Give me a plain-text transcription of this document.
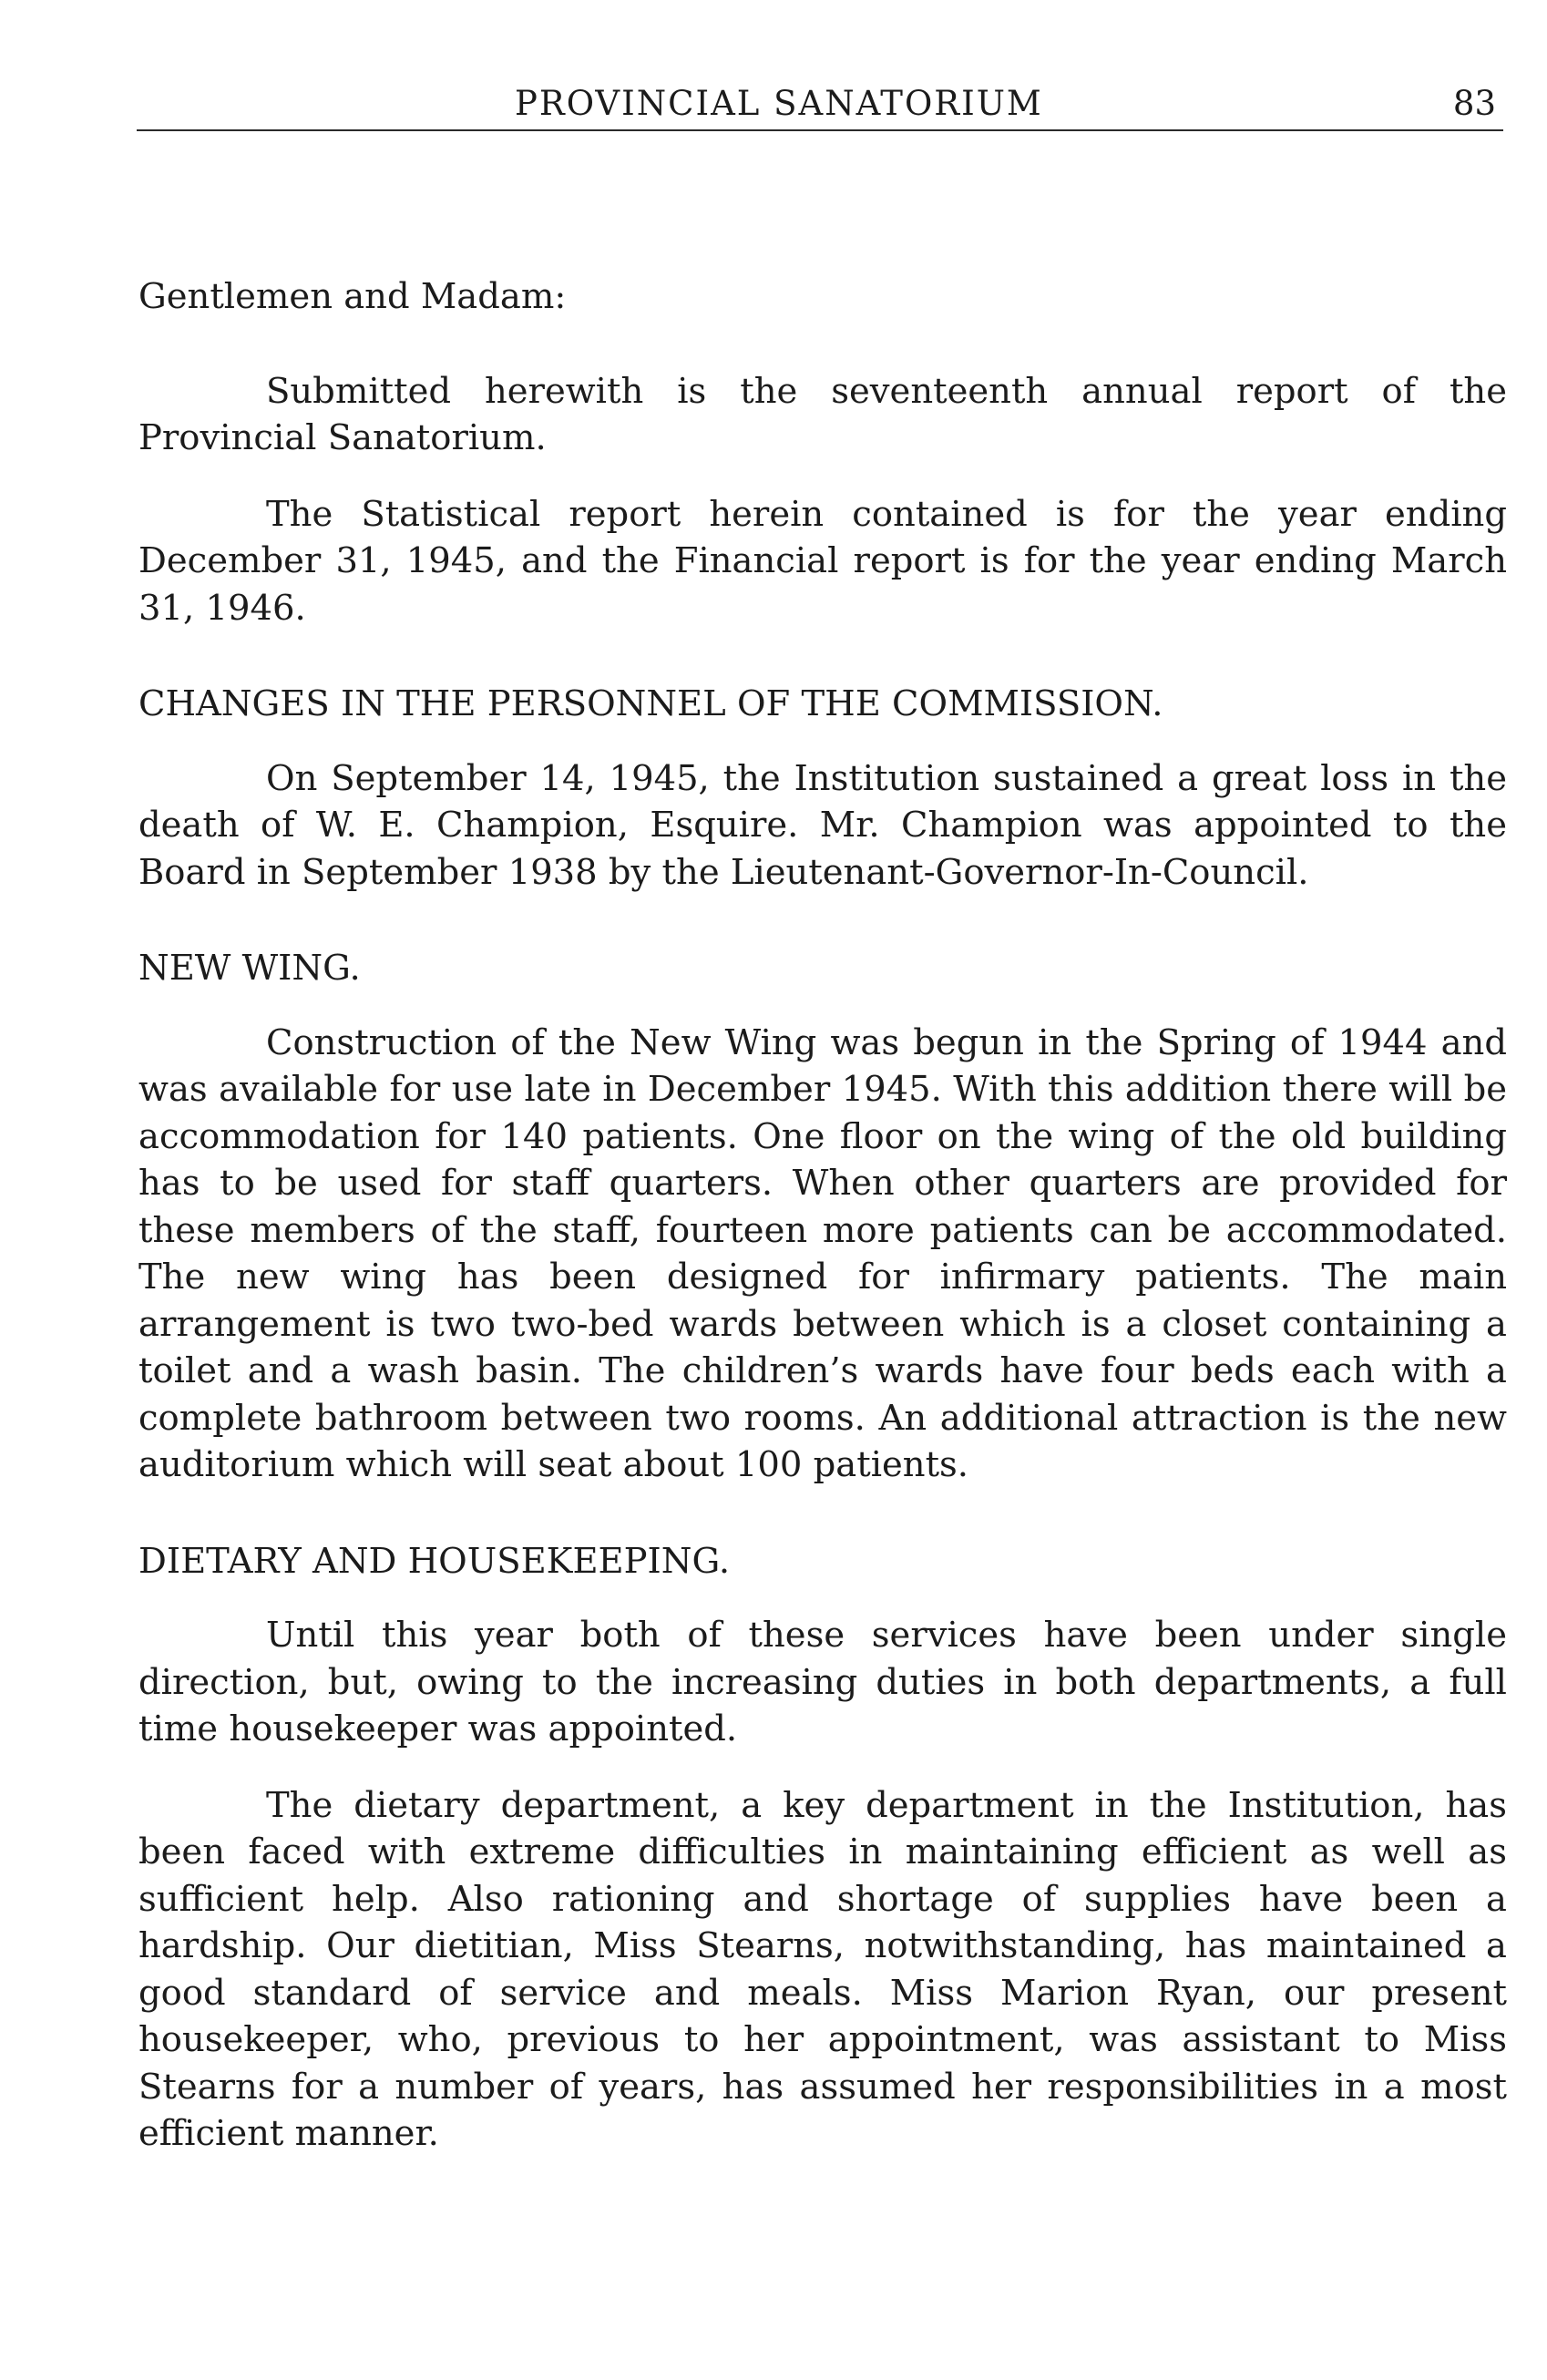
PROVINCIAL SANATORIUM	83

Gentlemen and Madam:

Submitted herewith is the seventeenth annual report of the Provincial Sanatorium.

The Statistical report herein contained is for the year ending December 31, 1945, and the Financial report is for the year ending March 31, 1946.

CHANGES IN THE PERSONNEL OF THE COMMISSION.

On September 14, 1945, the Institution sustained a great loss in the death of W. E. Champion, Esquire. Mr. Champion was appointed to the Board in September 1938 by the Lieutenant-Governor-In-Council.

NEW WING.

Construction of the New Wing was begun in the Spring of 1944 and was available for use late in December 1945. With this addition there will be accommodation for 140 patients. One floor on the wing of the old building has to be used for staff quarters. When other quarters are provided for these members of the staff, fourteen more patients can be accommodated. The new wing has been designed for infirmary patients. The main arrangement is two two-bed wards between which is a closet containing a toilet and a wash basin. The children’s wards have four beds each with a complete bathroom between two rooms. An additional attraction is the new auditorium which will seat about 100 patients.

DIETARY AND HOUSEKEEPING.

Until this year both of these services have been under single direction, but, owing to the increasing duties in both departments, a full time housekeeper was appointed.

The dietary department, a key department in the Institution, has been faced with extreme difficulties in maintaining efficient as well as sufficient help. Also rationing and shortage of supplies have been a hardship. Our dietitian, Miss Stearns, notwithstanding, has maintained a good standard of service and meals. Miss Marion Ryan, our present housekeeper, who, previous to her appointment, was assistant to Miss Stearns for a number of years, has assumed her responsibilities in a most efficient manner.
